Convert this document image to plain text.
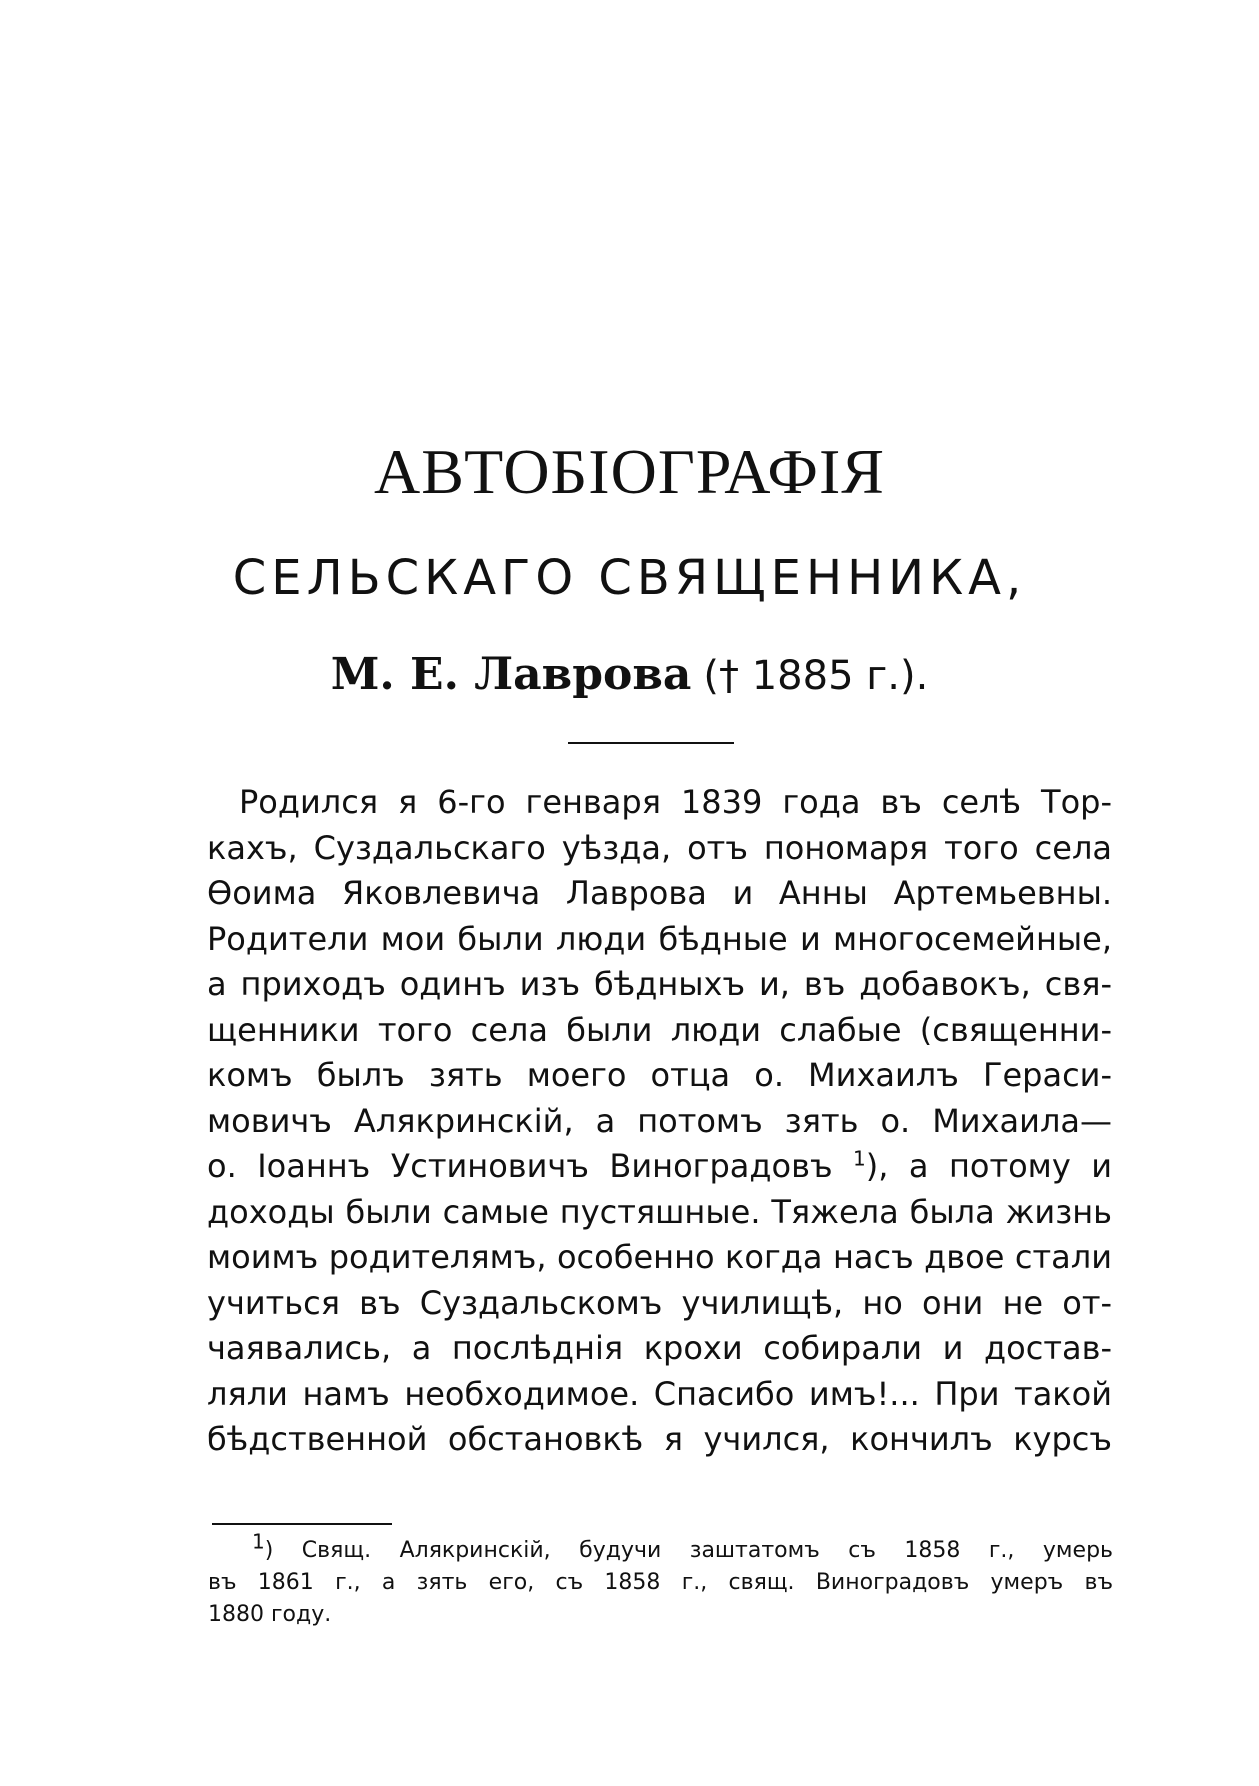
АВТОБІОГРАФІЯ
СЕЛЬСКАГО СВЯЩЕННИКА,
М. Е. Лаврова († 1885 г.).
Родился я 6-го генваря 1839 года въ селѣ Тор-
кахъ, Суздальскаго уѣзда, отъ пономаря того села
Ѳоима Яковлевича Лаврова и Анны Артемьевны.
Родители мои были люди бѣдные и многосемейные,
а приходъ одинъ изъ бѣдныхъ и, въ добавокъ, свя-
щенники того села были люди слабые (священни-
комъ былъ зять моего отца о. Михаилъ Гераси-
мовичъ Алякринскій, а потомъ зять о. Михаила—
о. Іоаннъ Устиновичъ Виноградовъ $^1$), а потому и
доходы были самые пустяшные. Тяжела была жизнь
моимъ родителямъ, особенно когда насъ двое стали
учиться въ Суздальскомъ училищѣ, но они не от-
чаявались, а послѣднія крохи собирали и достав-
ляли намъ необходимое. Спасибо имъ!... При такой
бѣдственной обстановкѣ я учился, кончилъ курсъ
1) Свящ. Алякринскій, будучи заштатомъ съ 1858 г., умерь
въ 1861 г., а зять его, съ 1858 г., свящ. Виноградовъ умеръ въ
1880 году.
